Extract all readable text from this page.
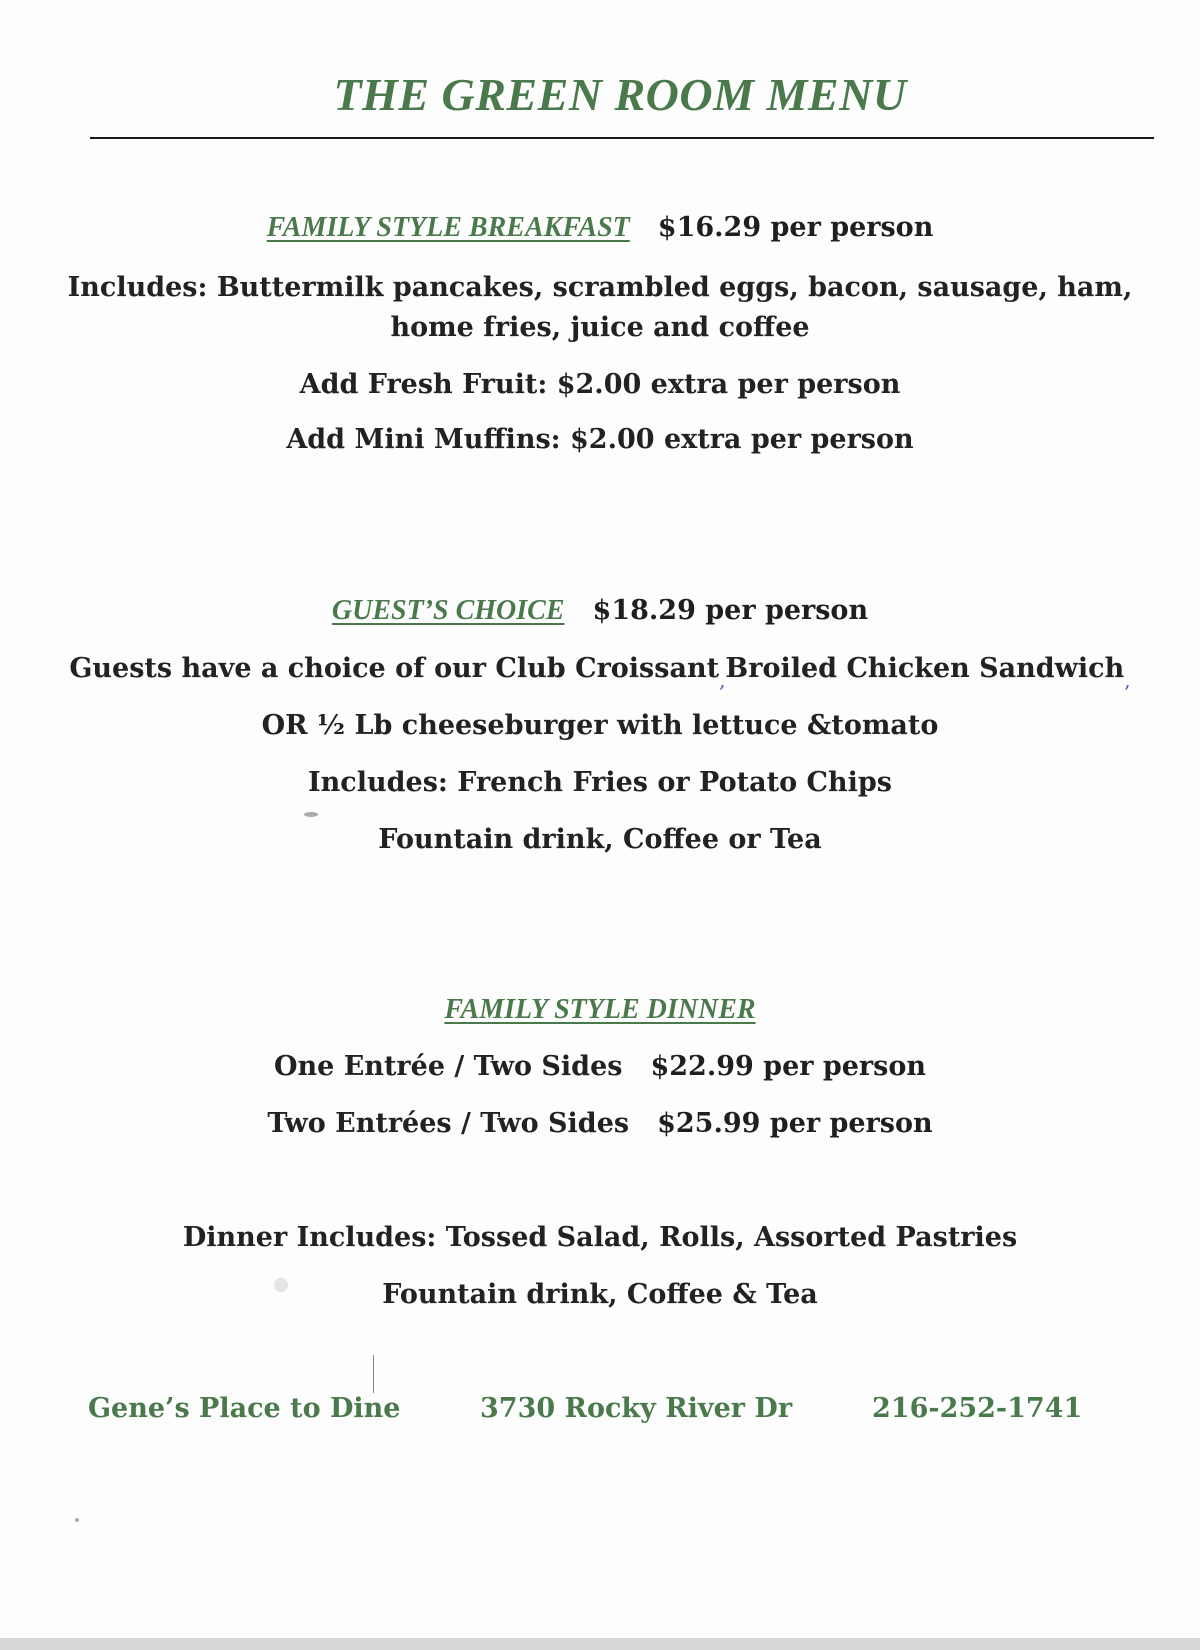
THE GREEN ROOM MENU
FAMILY STYLE BREAKFAST $16.29 per person
Includes: Buttermilk pancakes, scrambled eggs, bacon, sausage, ham,
home fries, juice and coffee
Add Fresh Fruit: $2.00 extra per person
Add Mini Muffins: $2.00 extra per person
GUEST’S CHOICE $18.29 per person
Guests have a choice of our Club Croissant$_,$Broiled Chicken Sandwich$_,$
OR ½ Lb cheeseburger with lettuce &tomato
Includes: French Fries or Potato Chips
Fountain drink, Coffee or Tea
FAMILY STYLE DINNER
One Entrée / Two Sides $22.99 per person
Two Entrées / Two Sides $25.99 per person
Dinner Includes: Tossed Salad, Rolls, Assorted Pastries
Fountain drink, Coffee & Tea
Gene’s Place to Dine	3730 Rocky River Dr	216-252-1741
